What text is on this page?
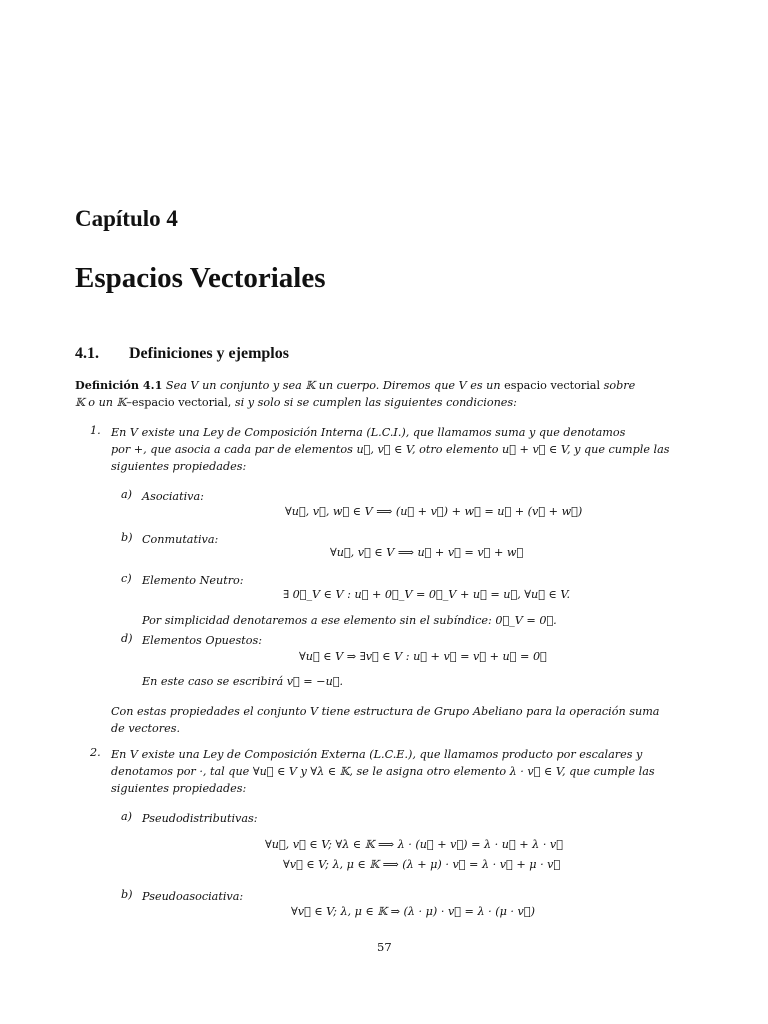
Capítulo 4
Espacios Vectoriales
4.1. Definiciones y ejemplos
Definición 4.1 Sea V un conjunto y sea 𝕂 un cuerpo. Diremos que V es un espacio vectorial sobre
𝕂 o un 𝕂–espacio vectorial, si y solo si se cumplen las siguientes condiciones:
1. En V existe una Ley de Composición Interna (L.C.I.), que llamamos suma y que denotamos
por +, que asocia a cada par de elementos u⃗, v⃗ ∈ V, otro elemento u⃗ + v⃗ ∈ V, y que cumple las
siguientes propiedades:
a) Asociativa:
∀u⃗, v⃗, w⃗ ∈ V ⟹ (u⃗ + v⃗) + w⃗ = u⃗ + (v⃗ + w⃗)
b) Conmutativa:
∀u⃗, v⃗ ∈ V ⟹ u⃗ + v⃗ = v⃗ + w⃗
c) Elemento Neutro:
∃ 0⃗_V ∈ V : u⃗ + 0⃗_V = 0⃗_V + u⃗ = u⃗, ∀u⃗ ∈ V.
Por simplicidad denotaremos a ese elemento sin el subíndice: 0⃗_V = 0⃗.
d) Elementos Opuestos:
∀u⃗ ∈ V ⇒ ∃v⃗ ∈ V : u⃗ + v⃗ = v⃗ + u⃗ = 0⃗
En este caso se escribirá v⃗ = −u⃗.
Con estas propiedades el conjunto V tiene estructura de Grupo Abeliano para la operación suma
de vectores.
2. En V existe una Ley de Composición Externa (L.C.E.), que llamamos producto por escalares y
denotamos por ·, tal que ∀u⃗ ∈ V y ∀λ ∈ 𝕂, se le asigna otro elemento λ · v⃗ ∈ V, que cumple las
siguientes propiedades:
a) Pseudodistributivas:
∀u⃗, v⃗ ∈ V; ∀λ ∈ 𝕂 ⟹ λ · (u⃗ + v⃗) = λ · u⃗ + λ · v⃗
∀v⃗ ∈ V; λ, μ ∈ 𝕂 ⟹ (λ + μ) · v⃗ = λ · v⃗ + μ · v⃗
b) Pseudoasociativa:
∀v⃗ ∈ V; λ, μ ∈ 𝕂 ⇒ (λ · μ) · v⃗ = λ · (μ · v⃗)
57
